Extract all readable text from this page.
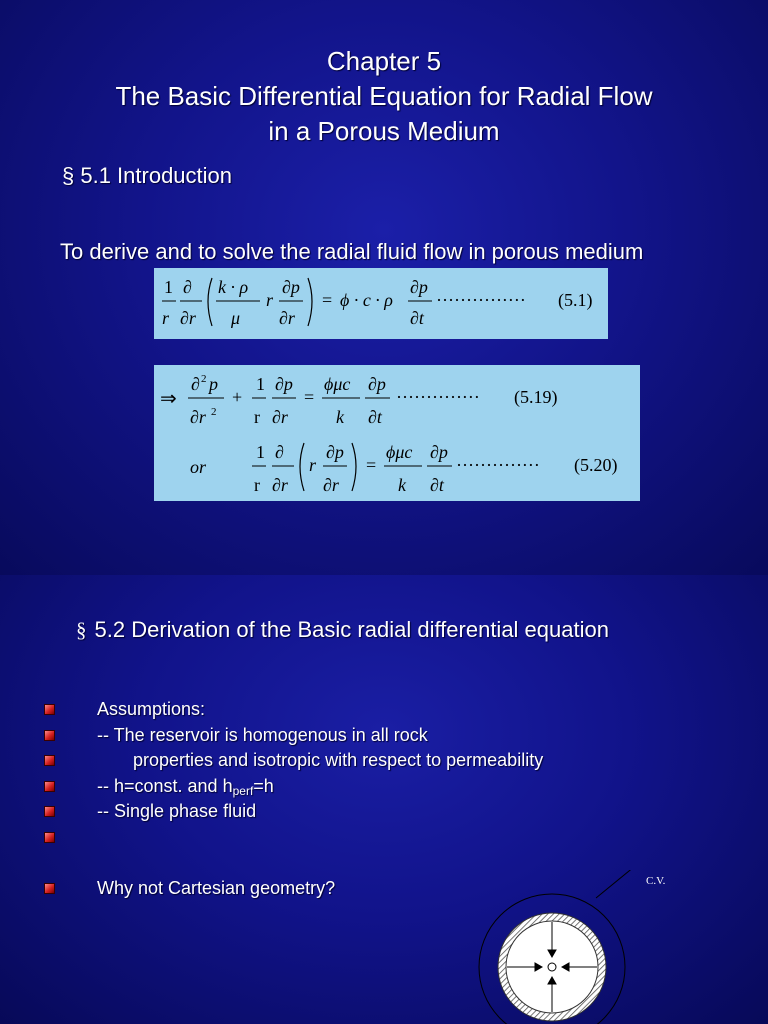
Chapter 5
The Basic Differential Equation for Radial Flow
in a Porous Medium
§ 5.1 Introduction
To derive and to solve the radial fluid flow in porous medium
1
r
∂
∂r
k · ρ
μ
r
∂p
∂r
= ϕ · c · ρ
∂p
∂t
··············· (5.1)
⇒
∂ 2 p
∂r 2
+
1
r
∂p
∂r
=
ϕμc
k
∂p
∂t
·············· (5.19)
or
1
r
∂
∂r
r
∂p
∂r
=
ϕμc
k
∂p
∂t
·············· (5.20)
§ 5.2 Derivation of the Basic radial differential equation
Assumptions:
-- The reservoir is homogenous in all rock
properties and isotropic with respect to permeability
-- h=const. and $h_{perf}=h$
-- Single phase fluid
Why not Cartesian geometry?	C.V.
